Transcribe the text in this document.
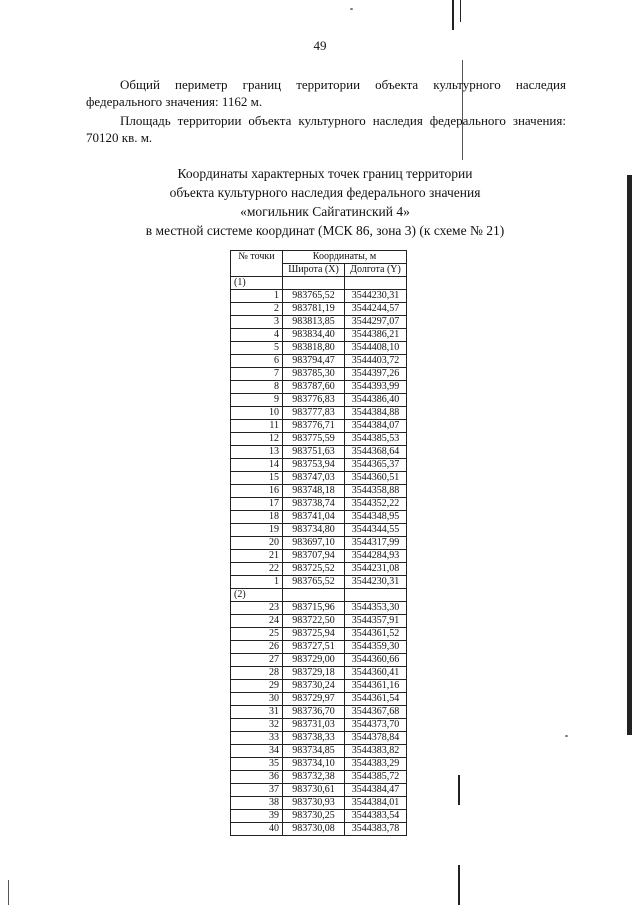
49
Общий периметр границ территории объекта культурного наследия федерального значения: 1162 м.
Площадь территории объекта культурного наследия федерального значения: 70120 кв. м.
Координаты характерных точек границ территории
объекта культурного наследия федерального значения
«могильник Сайгатинский 4»
в местной системе координат (МСК 86, зона 3) (к схеме № 21)
№ точки	Координаты, м	
	Широта (X)	Долгота (Y)
(1)		
1	983765,52	3544230,31
2	983781,19	3544244,57
3	983813,85	3544297,07
4	983834,40	3544386,21
5	983818,80	3544408,10
6	983794,47	3544403,72
7	983785,30	3544397,26
8	983787,60	3544393,99
9	983776,83	3544386,40
10	983777,83	3544384,88
11	983776,71	3544384,07
12	983775,59	3544385,53
13	983751,63	3544368,64
14	983753,94	3544365,37
15	983747,03	3544360,51
16	983748,18	3544358,88
17	983738,74	3544352,22
18	983741,04	3544348,95
19	983734,80	3544344,55
20	983697,10	3544317,99
21	983707,94	3544284,93
22	983725,52	3544231,08
1	983765,52	3544230,31
(2)		
23	983715,96	3544353,30
24	983722,50	3544357,91
25	983725,94	3544361,52
26	983727,51	3544359,30
27	983729,00	3544360,66
28	983729,18	3544360,41
29	983730,24	3544361,16
30	983729,97	3544361,54
31	983736,70	3544367,68
32	983731,03	3544373,70
33	983738,33	3544378,84
34	983734,85	3544383,82
35	983734,10	3544383,29
36	983732,38	3544385,72
37	983730,61	3544384,47
38	983730,93	3544384,01
39	983730,25	3544383,54
40	983730,08	3544383,78
